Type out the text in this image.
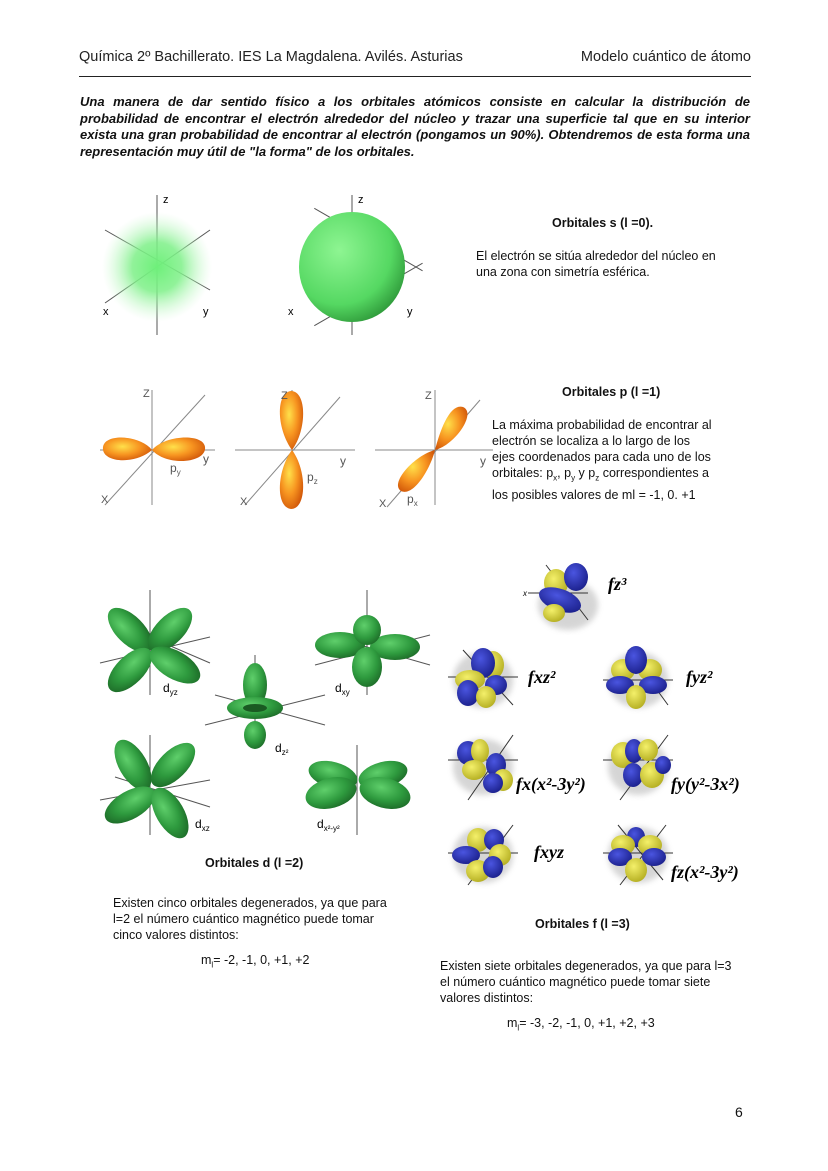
Química 2º Bachillerato. IES La Magdalena. Avilés. Asturias	Modelo cuántico de átomo

Una manera de dar sentido físico a los orbitales atómicos consiste en calcular la distribución de probabilidad de encontrar el electrón alrededor del núcleo y trazar una superficie tal que en su interior exista una gran probabilidad de encontrar al electrón (pongamos un 90%). Obtendremos de esta forma una representación muy útil de "la forma" de los orbitales.

z
x	y
z
x	y
Orbitales s (l =0).

El electrón se sitúa alrededor del núcleo en una zona con simetría esférica.

Z
X
y
$p_y$
Z
X
y
$p_z$
Z
X
y
$p_x$
Orbitales p (l =1)
La máxima probabilidad de encontrar al
electrón se localiza a lo largo de los
ejes coordenados para cada uno de los
orbitales: $p_x$, $p_y$ y $p_z$ correspondientes a
los posibles valores de ml = -1, 0. +1
$d_{yz}$	$d_{xy}$
$d_{z^2}$
$d_{xz}$	$d_{x^2-y^2}$
Orbitales d (l =2)

Existen cinco orbitales degenerados, ya que para l=2 el número cuántico magnético puede tomar cinco valores distintos:

$m_l= -2$, -1, 0, +1, +2
x	fz³
fxz²	fyz²
fx(x²-3y²)	fy(y²-3x²)
fxyz
fz(x²-3y²)
Orbitales f (l =3)

Existen siete orbitales degenerados, ya que para l=3 el número cuántico magnético puede tomar siete valores distintos:

$m_l= -3$, -2, -1, 0, +1, +2, +3
6
